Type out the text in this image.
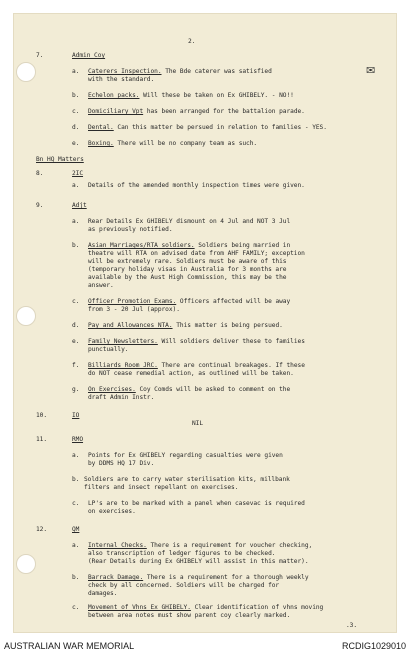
2.
7.	Admin Coy
a. Caterers Inspection. The Bde caterer was satisfied
with the standard.
✉
b. Echelon packs. Will these be taken on Ex GHIBELY. - NO!!
c. Domiciliary Vpt has been arranged for the battalion parade.
d. Dental. Can this matter be persued in relation to families - YES.
e. Boxing. There will be no company team as such.
Bn HQ Matters
8.	2IC
a. Details of the amended monthly inspection times were given.
9.	Adjt
a. Rear Details Ex GHIBELY dismount on 4 Jul and NOT 3 Jul
as previously notified.
b. Asian Marriages/RTA soldiers. Soldiers being married in
theatre will RTA on advised date from AHF FAMILY; exception
will be extremely rare. Soldiers must be aware of this
(temporary holiday visas in Australia for 3 months are
available by the Aust High Commission, this may be the
answer.
c. Officer Promotion Exams. Officers affected will be away
from 3 - 20 Jul (approx).
d. Pay and Allowances NTA. This matter is being persued.
e. Family Newsletters. Will soldiers deliver these to families
punctually.
f. Billiards Room JRC. There are continual breakages. If these
do NOT cease remedial action, as outlined will be taken.
g. On Exercises. Coy Comds will be asked to comment on the
draft Admin Instr.
10.	IO
NIL
11.	RMO
a. Points for Ex GHIBELY regarding casualties were given
by DDMS HQ 17 Div.
b. Soldiers are to carry water sterilisation kits, millbank
filters and insect repellant on exercises.
c. LP's are to be marked with a panel when casevac is required
on exercises.
12.	QM
a. Internal Checks. There is a requirement for voucher checking,
also transcription of ledger figures to be checked.
(Rear Details during Ex GHIBELY will assist in this matter).
b. Barrack Damage. There is a requirement for a thorough weekly
check by all concerned. Soldiers will be charged for
damages.
c. Movement of Vhns Ex GHIBELY. Clear identification of vhns moving
between area notes must show parent coy clearly marked.
.3.
AUSTRALIAN WAR MEMORIAL	RCDIG1029010
